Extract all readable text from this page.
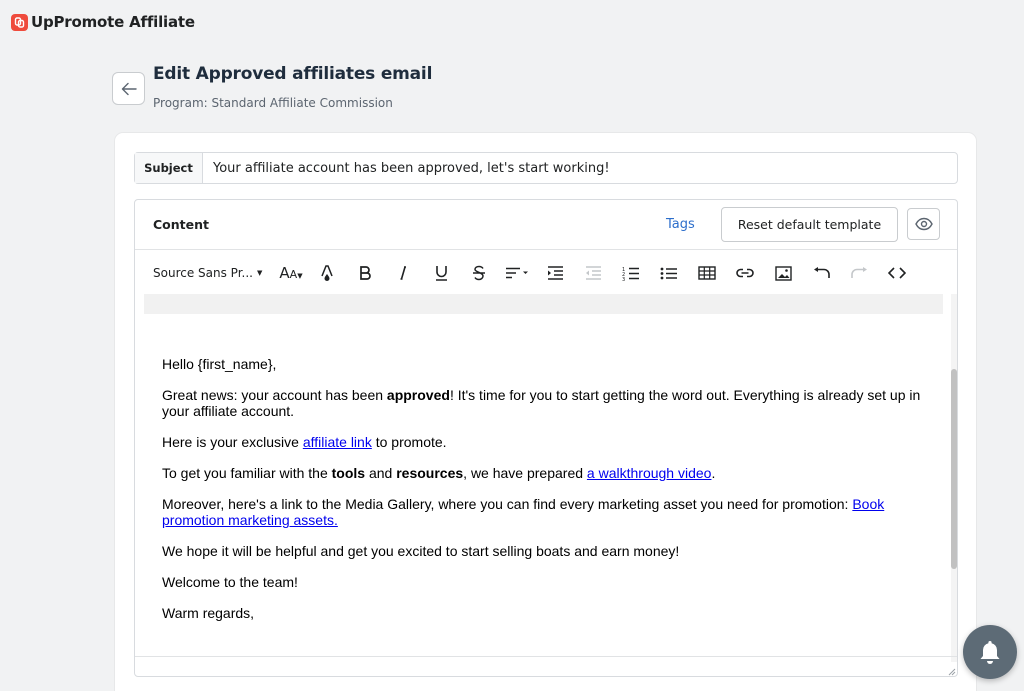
UpPromote Affiliate
Edit Approved affiliates email
Program: Standard Affiliate Commission
Subject
Your affiliate account has been approved, let's start working!
Content	Tags	Reset default template
Source Sans Pr... ▼ AA▼
1
2
3

Hello {first_name},

Great news: your account has been approved! It's time for you to start getting the word out. Everything is already set up in your affiliate account.

Here is your exclusive affiliate link to promote.

To get you familiar with the tools and resources, we have prepared a walkthrough video.

Moreover, here's a link to the Media Gallery, where you can find every marketing asset you need for promotion: Book promotion marketing assets.

We hope it will be helpful and get you excited to start selling boats and earn money!

Welcome to the team!

Warm regards,
